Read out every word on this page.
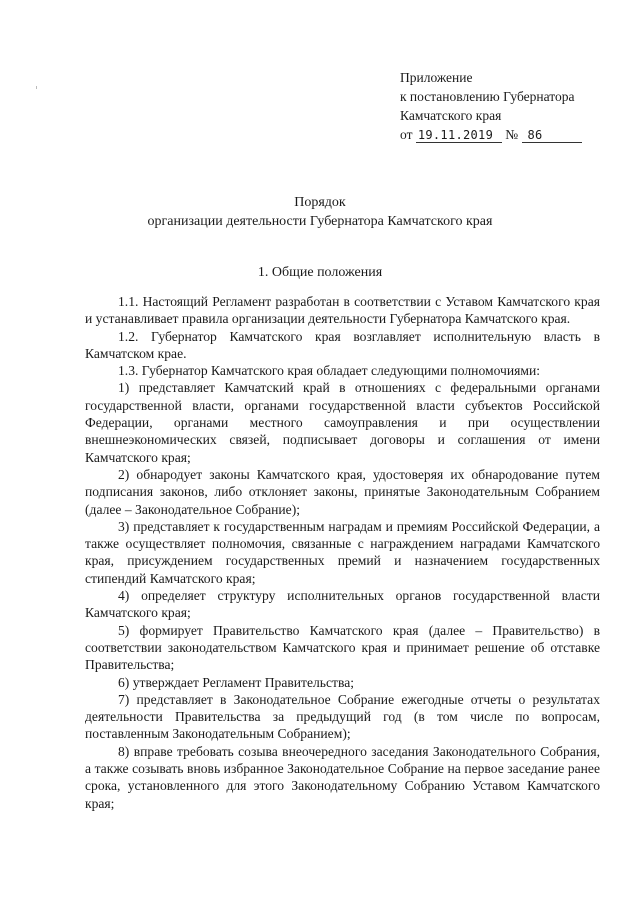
Приложение
к постановлению Губернатора
Камчатского края
от 19.11.2019 № 86
Порядок
организации деятельности Губернатора Камчатского края
1. Общие положения

1.1. Настоящий Регламент разработан в соответствии с Уставом Камчатского края и устанавливает правила организации деятельности Губернатора Камчатского края.

1.2. Губернатор Камчатского края возглавляет исполнительную власть в Камчатском крае.

1.3. Губернатор Камчатского края обладает следующими полномочиями:

1) представляет Камчатский край в отношениях с федеральными органами государственной власти, органами государственной власти субъектов Российской Федерации, органами местного самоуправления и при осуществлении внешнеэкономических связей, подписывает договоры и соглашения от имени Камчатского края;

2) обнародует законы Камчатского края, удостоверяя их обнародование путем подписания законов, либо отклоняет законы, принятые Законодательным Собранием (далее – Законодательное Собрание);

3) представляет к государственным наградам и премиям Российской Федерации, а также осуществляет полномочия, связанные с награждением наградами Камчатского края, присуждением государственных премий и назначением государственных стипендий Камчатского края;

4) определяет структуру исполнительных органов государственной власти Камчатского края;

5) формирует Правительство Камчатского края (далее – Правительство) в соответствии законодательством Камчатского края и принимает решение об отставке Правительства;

6) утверждает Регламент Правительства;

7) представляет в Законодательное Собрание ежегодные отчеты о результатах деятельности Правительства за предыдущий год (в том числе по вопросам, поставленным Законодательным Собранием);

8) вправе требовать созыва внеочередного заседания Законодательного Собрания, а также созывать вновь избранное Законодательное Собрание на первое заседание ранее срока, установленного для этого Законодательному Собранию Уставом Камчатского края;
